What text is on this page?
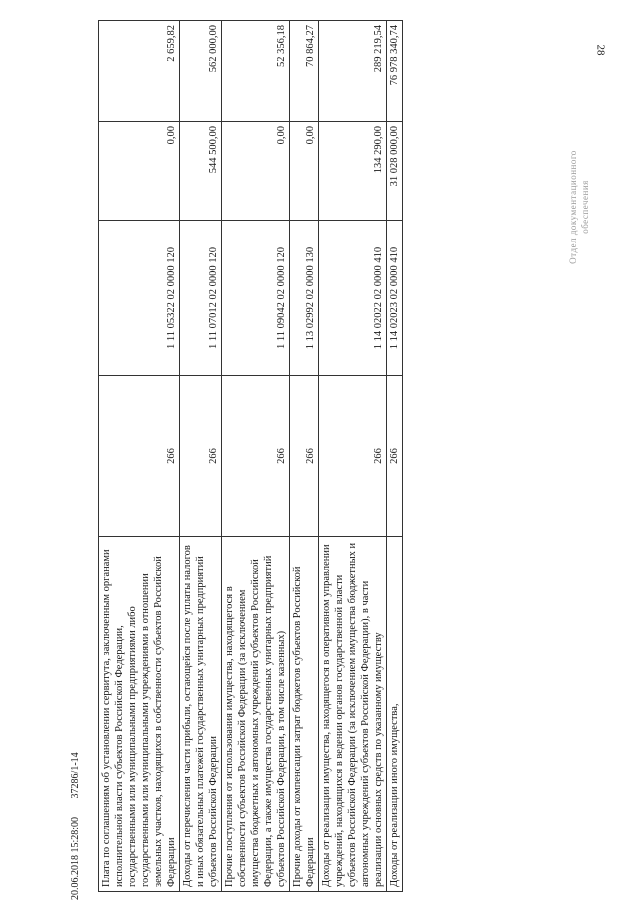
28
Отдел документационного обеспечения
20.06.2018 15:28:00 37286/1-14 Плата по соглашениям об установлении сервитута, заключенным органами исполнительной власти субъектов Российской Федерации, государственными или муниципальными предприятиями либо государственными или муниципальными учреждениями в отношении земельных участков, находящихся в собственности субъектов Российской Федерации	266	1 11 05322 02 0000 120	0,00	2 659,82
Доходы от перечисления части прибыли, остающейся после уплаты налогов и иных обязательных платежей государственных унитарных предприятий субъектов Российской Федерации	266	1 11 07012 02 0000 120	544 500,00	562 000,00
Прочие поступления от использования имущества, находящегося в собственности субъектов Российской Федерации (за исключением имущества бюджетных и автономных учреждений субъектов Российской Федерации, а также имущества государственных унитарных предприятий субъектов Российской Федерации, в том числе казенных)	266	1 11 09042 02 0000 120	0,00	52 356,18
Прочие доходы от компенсации затрат бюджетов субъектов Российской Федерации	266	1 13 02992 02 0000 130	0,00	70 864,27
Доходы от реализации имущества, находящегося в оперативном управлении учреждений, находящихся в ведении органов государственной власти субъектов Российской Федерации (за исключением имущества бюджетных и автономных учреждений субъектов Российской Федерации), в части реализации основных средств по указанному имуществу	266	1 14 02022 02 0000 410	134 290,00	289 219,54
Доходы от реализации иного имущества,	266	1 14 02023 02 0000 410	31 028 000,00	76 978 340,74
